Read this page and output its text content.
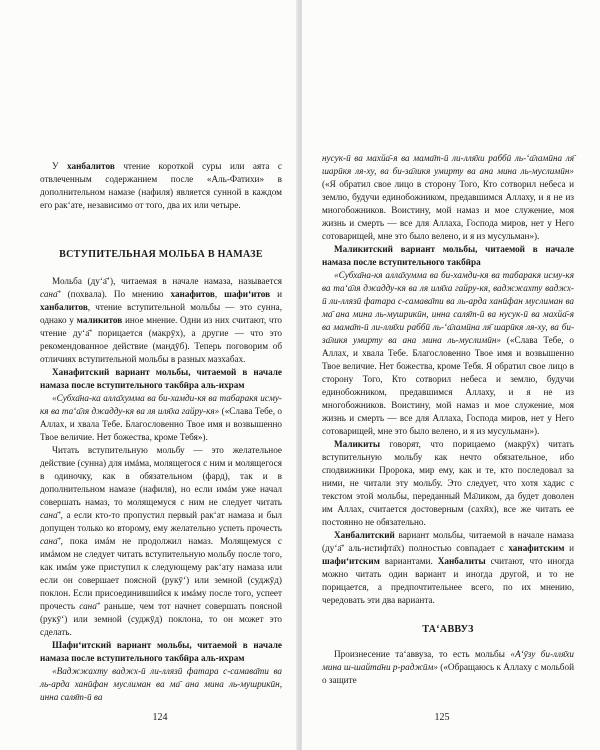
У ханбалитов чтение короткой суры или аята с отвлеченным содержанием после «Аль-Фатихи» в дополнительном намазе (нафиля) является сунной в каждом его рак‘ате, независимо от того, два их или четыре.

ВСТУПИТЕЛЬНАЯ МОЛЬБА В НАМАЗЕ

Мольба (ду‘а̄’), читаемая в начале намаза, называется сана̄’ (похвала). По мнению ханафитов, шафи‘итов и ханбалитов, чтение вступительной мольбы — это сунна, однако у маликитов иное мнение. Одни из них считают, что чтение ду‘а̄’ порицается (макрӯх), а другие — что это рекомендованное действие (мандӯб). Теперь поговорим об отличиях вступительной мольбы в разных мазхабах.

Ханафитский вариант мольбы, читаемой в начале намаза после вступительного такбӣра аль-ихрам

«Субха̄на-ка алла̄хумма ва би-хамди-кя ва табаракя исму-кя ва та‘а̄ля джадду-кя ва ля иля̄ха гайру-кя» («Слава Тебе, о Аллах, и хвала Тебе. Благословенно Твое имя и возвышенно Твое величие. Нет божества, кроме Тебя»).

Читать вступительную мольбу — это желательное действие (сунна) для имáма, молящегося с ним и молящегося в одиночку, как в обязательном (фард), так и в дополнительном намазе (нафиля), но если имáм уже начал совершать намаз, то молящемуся с ним не следует читать сана̄’, а если кто-то пропустил первый рак‘ат намаза и был допущен только ко второму, ему желательно успеть прочесть сана̄’, пока имáм не продолжил намаз. Молящемуся с имáмом не следует читать вступительную мольбу после того, как имáм уже приступил к следующему рак‘ату намаза или если он совершает поясной (рукӯ‘) или земной (суджӯд) поклон. Если присоединившийся к имáму после того, успеет прочесть сана̄’ раньше, чем тот начнет совершать поясной (рукӯ‘) или земной (суджӯд) поклона, то он может это сделать.

Шафи‘итский вариант мольбы, читаемой в начале намаза после вступительного такбӣра аль-ихрам

«Ваджжахту ваджх-ӣ ли-ллязӣ фатара с-самава̄ти ва ль-арда ханӣфан муслиман ва ма̄ ана мина ль-мушрикӣн, инна саля̄т-ӣ ва

124

нусук-ӣ ва махйа̄-я ва мама̄т-ӣ ли-лля̄хи раббӣ ль-‘а̄ламӣна ля̄ шарӣкя ля-ху, ва би-за̄ликя умирту ва ана мина ль-муслимӣн» («Я обратил свое лицо в сторону Того, Кто сотворил небеса и землю, будучи единобожником, предавшимся Аллаху, и я не из многобожников. Воистину, мой намаз и мое служение, моя жизнь и смерть — все для Аллаха, Господа миров, нет у Него сотоварищей, мне это было велено, и я из мусульман»).

Маликитский вариант мольбы, читаемой в начале намаза после вступительного такбӣра

«Субха̄на-кя алла̄хумма ва би-хамди-кя ва табаракя исму-кя ва та‘а̄ля джадду-кя ва ля иля̄ха гайру-кя, ваджжахту ваджх-ӣ ли-ллязӣ фатара с-самава̄ти ва ль-арда ханӣфан муслиман ва ма̄ ана мина ль-мушрикӣн, инна саля̄т-ӣ ва нусук-ӣ ва махйа̄-я ва мама̄т-ӣ ли-лля̄хи раббӣ ль-‘а̄ламӣна ля̄ шарӣкя ля-ху, ва би-за̄ликя умирту ва ана мина ль-муслимӣн» («Слава Тебе, о Аллах, и хвала Тебе. Благословенно Твое имя и возвышенно Твое величие. Нет божества, кроме Тебя. Я обратил свое лицо в сторону Того, Кто сотворил небеса и землю, будучи единобожником, предавшимся Аллаху, и я не из многобожников. Воистину, мой намаз и мое служение, моя жизнь и смерть — все для Аллаха, Господа миров, нет у Него сотоварищей, мне это было велено, и я из мусульман»).

Маликиты говорят, что порицаемо (макрӯх) читать вступительную мольбу как нечто обязательное, ибо сподвижники Пророка, мир ему, как и те, кто последовал за ними, не читали эту мольбу. Это следует, что хотя хадис с текстом этой мольбы, переданный Ма̄ликом, да будет доволен им Аллах, считается достоверным (сахӣх), все же читать ее постоянно не обязательно.

Ханбалитский вариант мольбы, читаемой в начале намаза (ду‘а̄’ аль-истифта̄х) полностью совпадает с ханафитским и шафи‘итским вариантами. Ханбалиты считают, что иногда можно читать один вариант и иногда другой, и то не порицается, а предпочтительнее всего, по их мнению, чередовать эти два варианта.

ТА‘АВВУЗ

Произнесение та‘аввуза, то есть мольбы «А‘ӯзу би-лля̄хи мина ш-шайта̄ни р-раджӣм» («Обращаюсь к Аллаху с мольбой о защите

125
